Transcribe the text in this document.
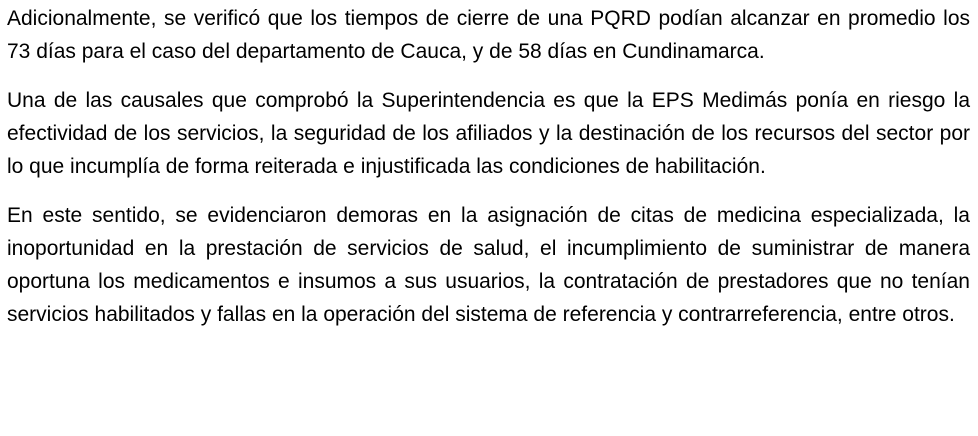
Adicionalmente, se verificó que los tiempos de cierre de una PQRD podían alcanzar en promedio los 73 días para el caso del departamento de Cauca, y de 58 días en Cundinamarca.

Una de las causales que comprobó la Superintendencia es que la EPS Medimás ponía en riesgo la efectividad de los servicios, la seguridad de los afiliados y la destinación de los recursos del sector por lo que incumplía de forma reiterada e injustificada las condiciones de habilitación.

En este sentido, se evidenciaron demoras en la asignación de citas de medicina especializada, la inoportunidad en la prestación de servicios de salud, el incumplimiento de suministrar de manera oportuna los medicamentos e insumos a sus usuarios, la contratación de prestadores que no tenían servicios habilitados y fallas en la operación del sistema de referencia y contrarreferencia, entre otros.
